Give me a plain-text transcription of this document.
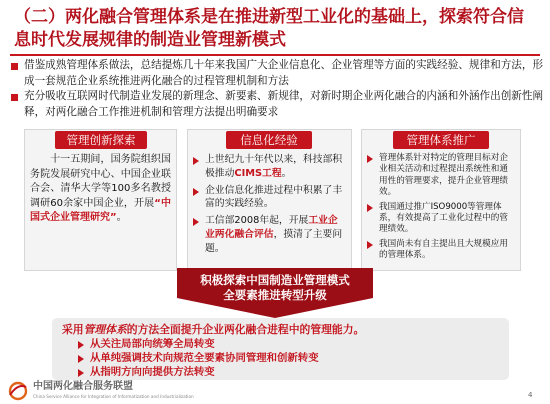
（二）两化融合管理体系是在推进新型工业化的基础上，探索符合信息时代发展规律的制造业管理新模式
借鉴成熟管理体系做法，总结提炼几十年来我国广大企业信息化、企业管理等方面的实践经验、规律和方法，形成一套规范企业系统推进两化融合的过程管理机制和方法
充分吸收互联网时代制造业发展的新理念、新要素、新规律，对新时期企业两化融合的内涵和外涵作出创新性阐释，对两化融合工作推进机制和管理方法提出明确要求
管理创新探索	信息化经验	管理体系推广
十一五期间，国务院组织国务院发展研究中心、中国企业联合会、清华大学等100多名教授调研60余家中国企业，开展“中国式企业管理研究”。
上世纪九十年代以来，科技部积极推动CIMS工程。
企业信息化推进过程中积累了丰富的实践经验。
工信部2008年起，开展工业企业两化融合评估，摸清了主要问题。
管理体系针对特定的管理目标对企业相关活动和过程提出系统性和通用性的管理要求，提升企业管理绩效。
我国通过推广ISO9000等管理体系，有效提高了工业化过程中的管理绩效。
我国尚未有自主提出且大规模应用的管理体系。
积极探索中国制造业管理模式
全要素推进转型升级
采用管理体系的方法全面提升企业两化融合进程中的管理能力。
从关注局部向统筹全局转变
从单纯强调技术向规范全要素协同管理和创新转变
从指明方向向提供方法转变
中国两化融合服务联盟
China Service Alliance for Integration of Informatization and Industrialization	4
